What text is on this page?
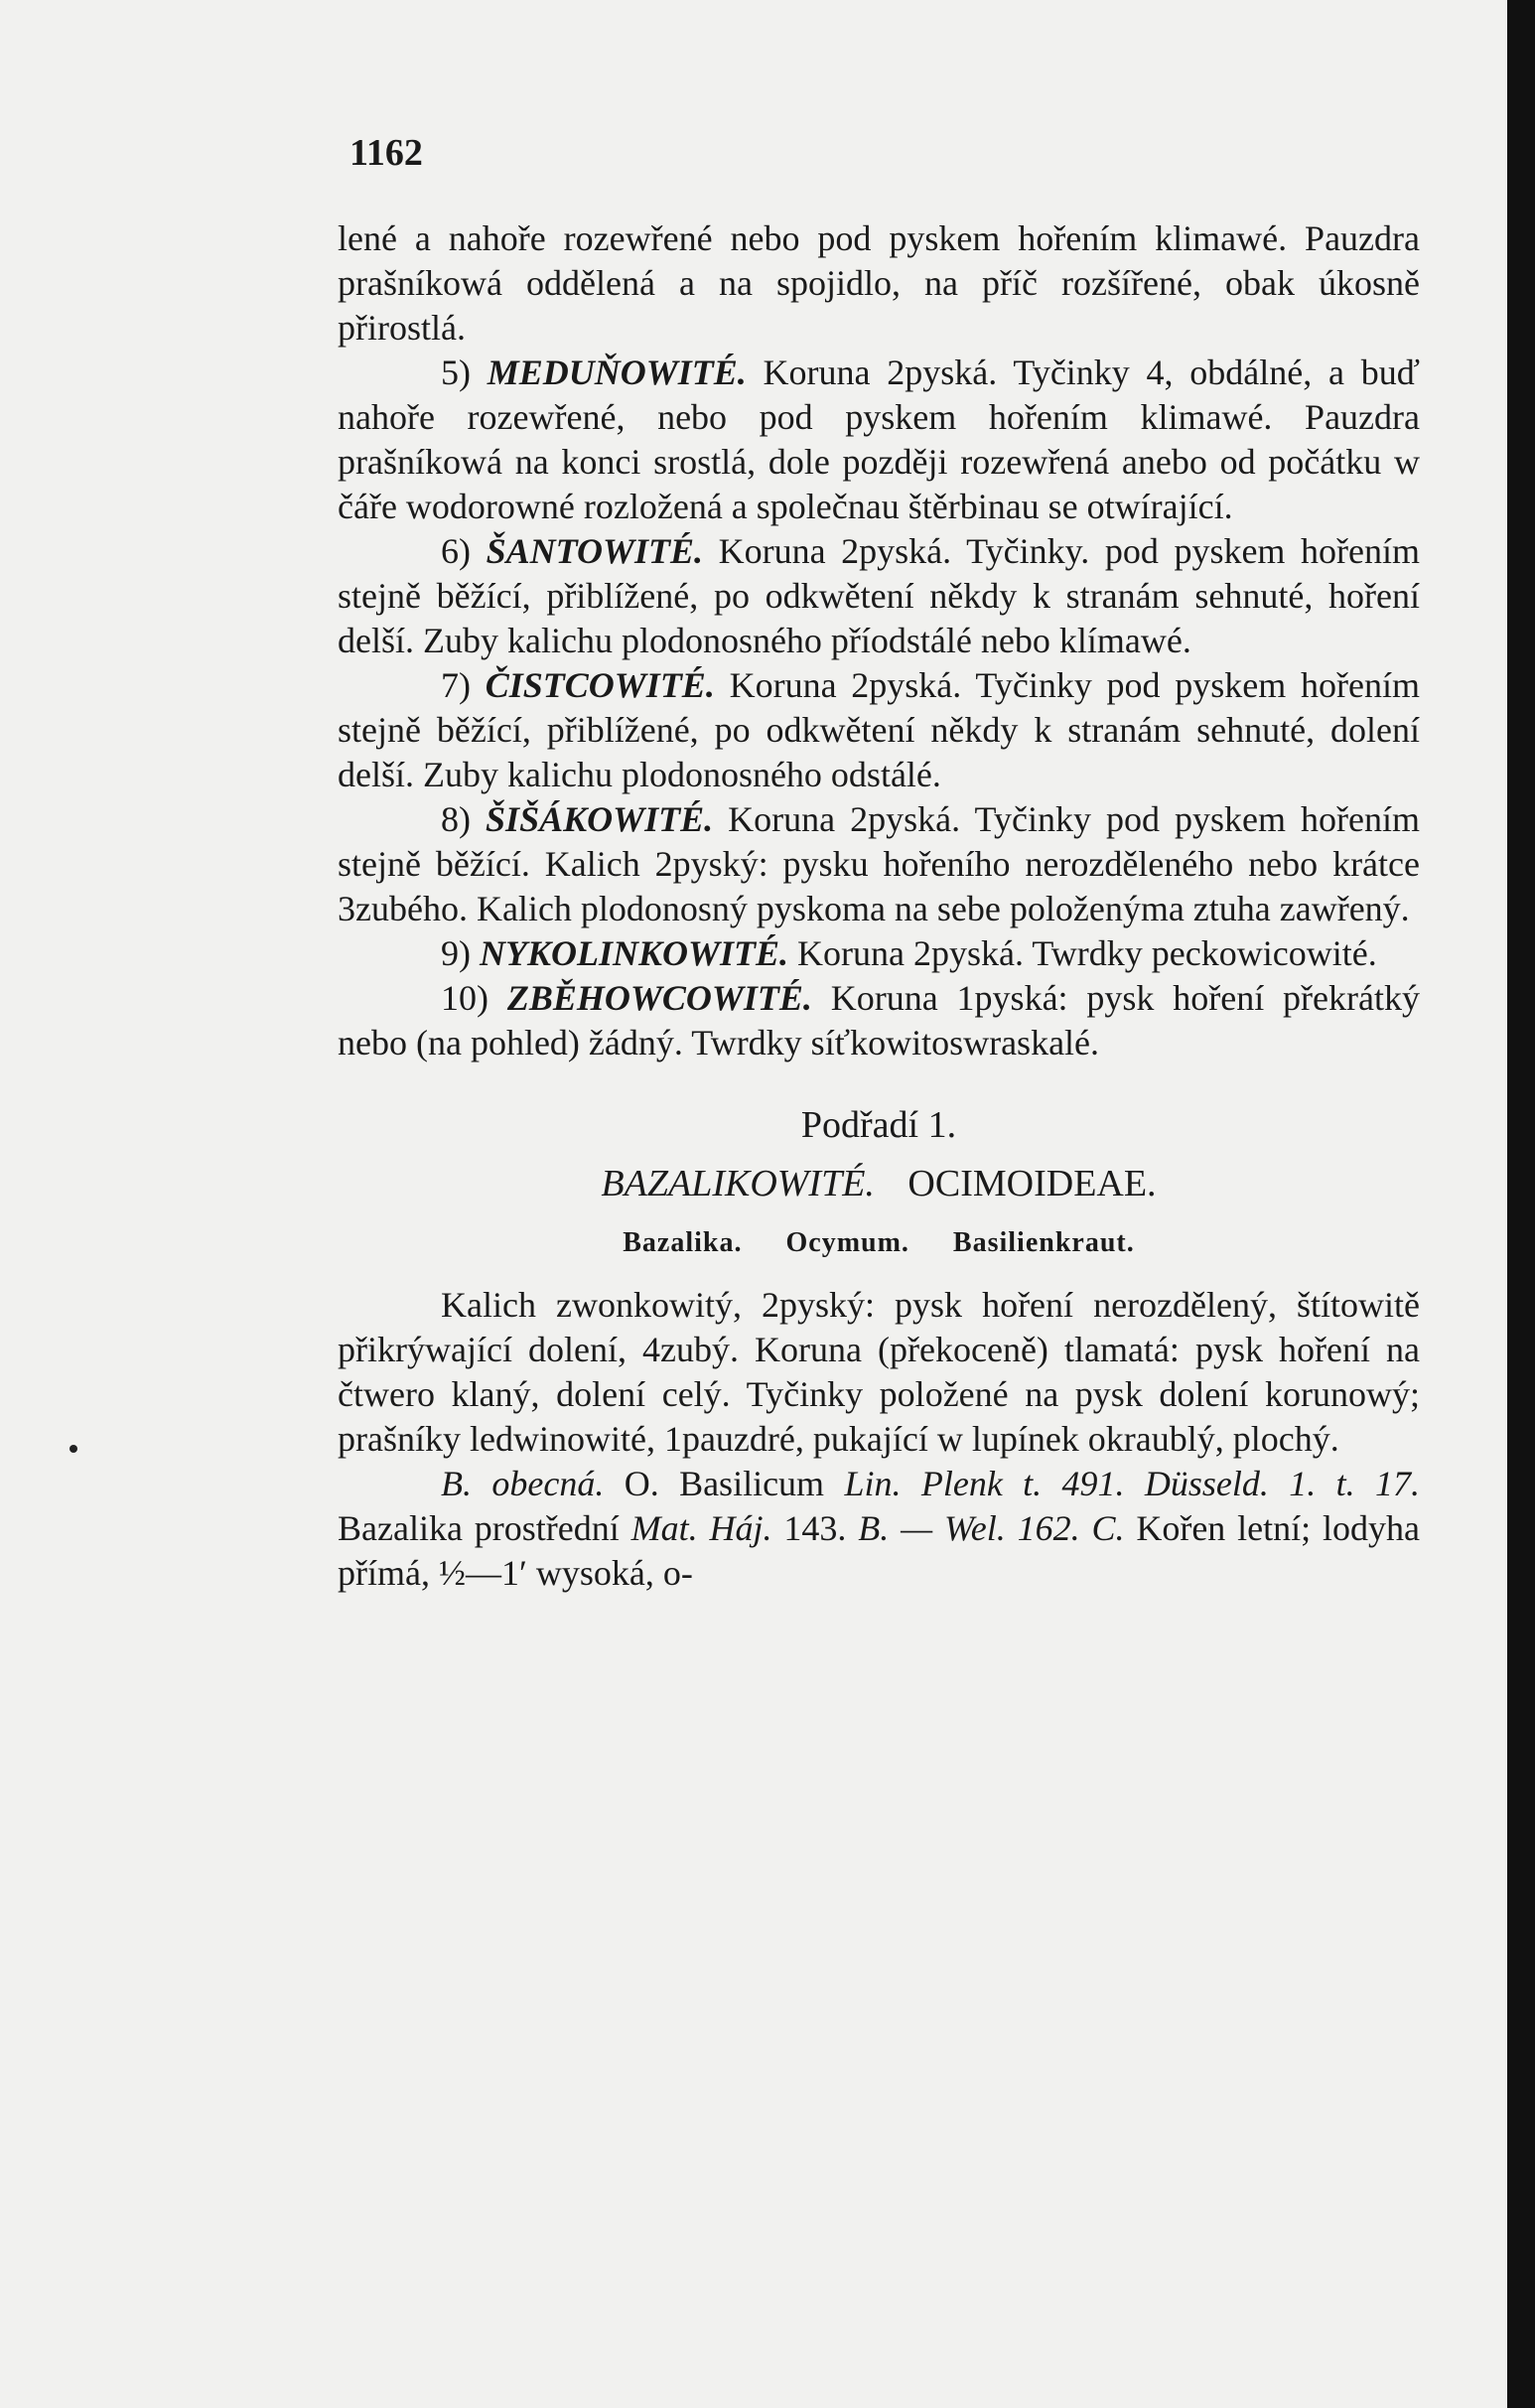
1162

lené a nahoře rozewřené nebo pod pyskem hořením klimawé. Pauzdra prašníkowá oddělená a na spojidlo, na příč rozšířené, obak úkosně přirostlá.

5) MEDUŇOWITÉ. Koruna 2pyská. Tyčinky 4, obdálné, a buď nahoře rozewřené, nebo pod pyskem hořením klimawé. Pauzdra prašníkowá na konci srostlá, dole později rozewřená anebo od počátku w čáře wodorowné rozložená a společnau štěrbinau se otwírající.

6) ŠANTOWITÉ. Koruna 2pyská. Tyčinky. pod pyskem hořením stejně běžící, přiblížené, po odkwětení někdy k stranám sehnuté, hoření delší. Zuby kalichu plodonosného příodstálé nebo klímawé.

7) ČISTCOWITÉ. Koruna 2pyská. Tyčinky pod pyskem hořením stejně běžící, přiblížené, po odkwětení někdy k stranám sehnuté, dolení delší. Zuby kalichu plodonosného odstálé.

8) ŠIŠÁKOWITÉ. Koruna 2pyská. Tyčinky pod pyskem hořením stejně běžící. Kalich 2pyský: pysku hořeního nerozděleného nebo krátce 3zubého. Kalich plodonosný pyskoma na sebe položenýma ztuha zawřený.

9) NYKOLINKOWITÉ. Koruna 2pyská. Twrdky peckowicowité.

10) ZBĚHOWCOWITÉ. Koruna 1pyská: pysk hoření překrátký nebo (na pohled) žádný. Twrdky síťkowitoswraskalé.

Podřadí 1.

BAZALIKOWITÉ. OCIMOIDEAE.

Bazalika. Ocymum. Basilienkraut.

Kalich zwonkowitý, 2pyský: pysk hoření nerozdělený, štítowitě přikrýwající dolení, 4zubý. Koruna (překoceně) tlamatá: pysk hoření na čtwero klaný, dolení celý. Tyčinky položené na pysk dolení korunowý; prašníky ledwinowité, 1pauzdré, pukající w lupínek okraublý, plochý.

B. obecná. O. Basilicum Lin. Plenk t. 491. Düsseld. 1. t. 17. Bazalika prostřední Mat. Háj. 143. B. — Wel. 162. C. Kořen letní; lodyha přímá, ½—1′ wysoká, o-
